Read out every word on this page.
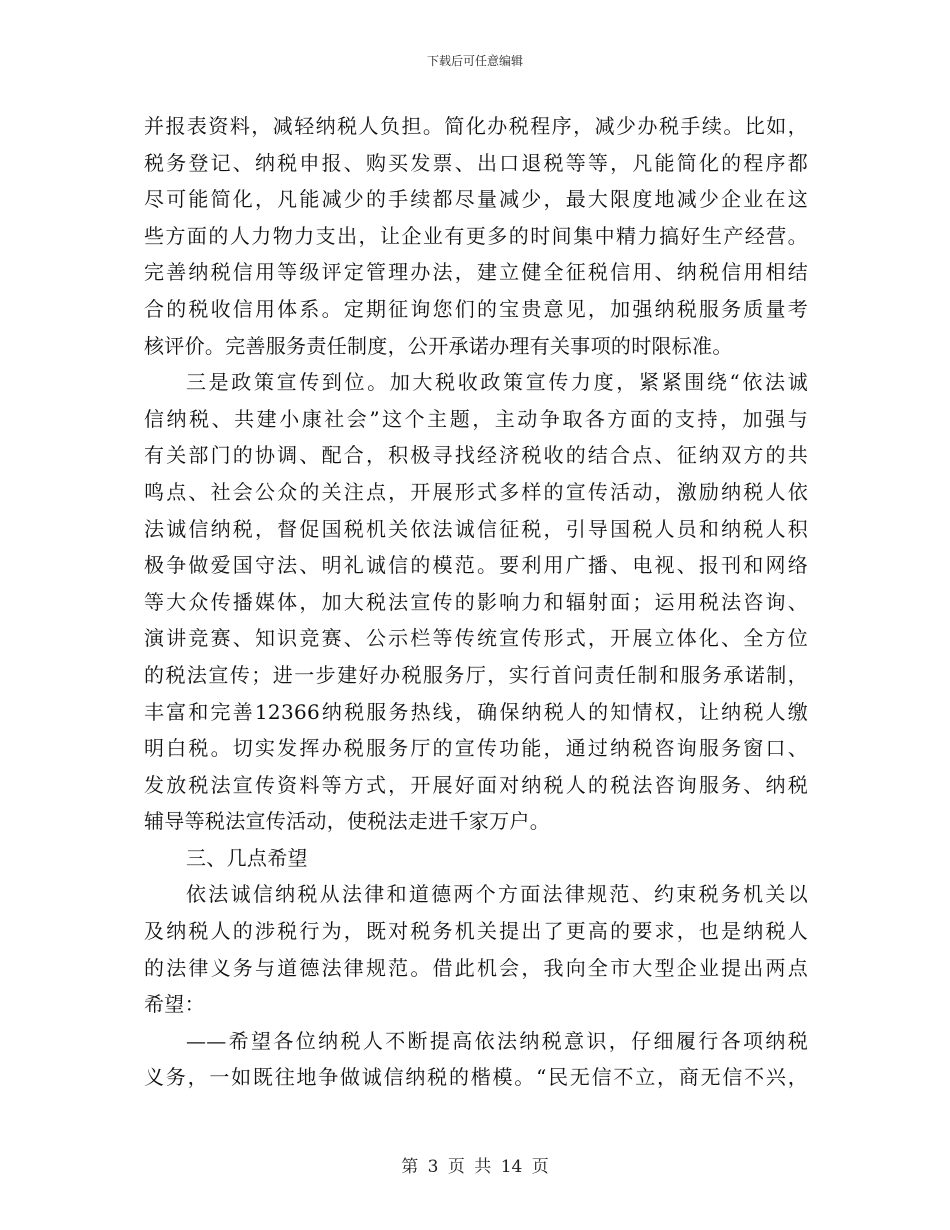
下载后可任意编辑
并报表资料，减轻纳税人负担。简化办税程序，减少办税手续。比如，
税务登记、纳税申报、购买发票、出口退税等等，凡能简化的程序都
尽可能简化，凡能减少的手续都尽量减少，最大限度地减少企业在这
些方面的人力物力支出，让企业有更多的时间集中精力搞好生产经营。
完善纳税信用等级评定管理办法，建立健全征税信用、纳税信用相结
合的税收信用体系。定期征询您们的宝贵意见，加强纳税服务质量考
核评价。完善服务责任制度，公开承诺办理有关事项的时限标准。
三是政策宣传到位。加大税收政策宣传力度，紧紧围绕“依法诚
信纳税、共建小康社会”这个主题，主动争取各方面的支持，加强与
有关部门的协调、配合，积极寻找经济税收的结合点、征纳双方的共
鸣点、社会公众的关注点，开展形式多样的宣传活动，激励纳税人依
法诚信纳税，督促国税机关依法诚信征税，引导国税人员和纳税人积
极争做爱国守法、明礼诚信的模范。要利用广播、电视、报刊和网络
等大众传播媒体，加大税法宣传的影响力和辐射面；运用税法咨询、
演讲竞赛、知识竞赛、公示栏等传统宣传形式，开展立体化、全方位
的税法宣传；进一步建好办税服务厅，实行首问责任制和服务承诺制，
丰富和完善12366纳税服务热线，确保纳税人的知情权，让纳税人缴
明白税。切实发挥办税服务厅的宣传功能，通过纳税咨询服务窗口、
发放税法宣传资料等方式，开展好面对纳税人的税法咨询服务、纳税
辅导等税法宣传活动，使税法走进千家万户。
三、几点希望
依法诚信纳税从法律和道德两个方面法律规范、约束税务机关以
及纳税人的涉税行为，既对税务机关提出了更高的要求，也是纳税人
的法律义务与道德法律规范。借此机会，我向全市大型企业提出两点
希望：
——希望各位纳税人不断提高依法纳税意识，仔细履行各项纳税
义务，一如既往地争做诚信纳税的楷模。“民无信不立，商无信不兴，
第 3 页 共 14 页
